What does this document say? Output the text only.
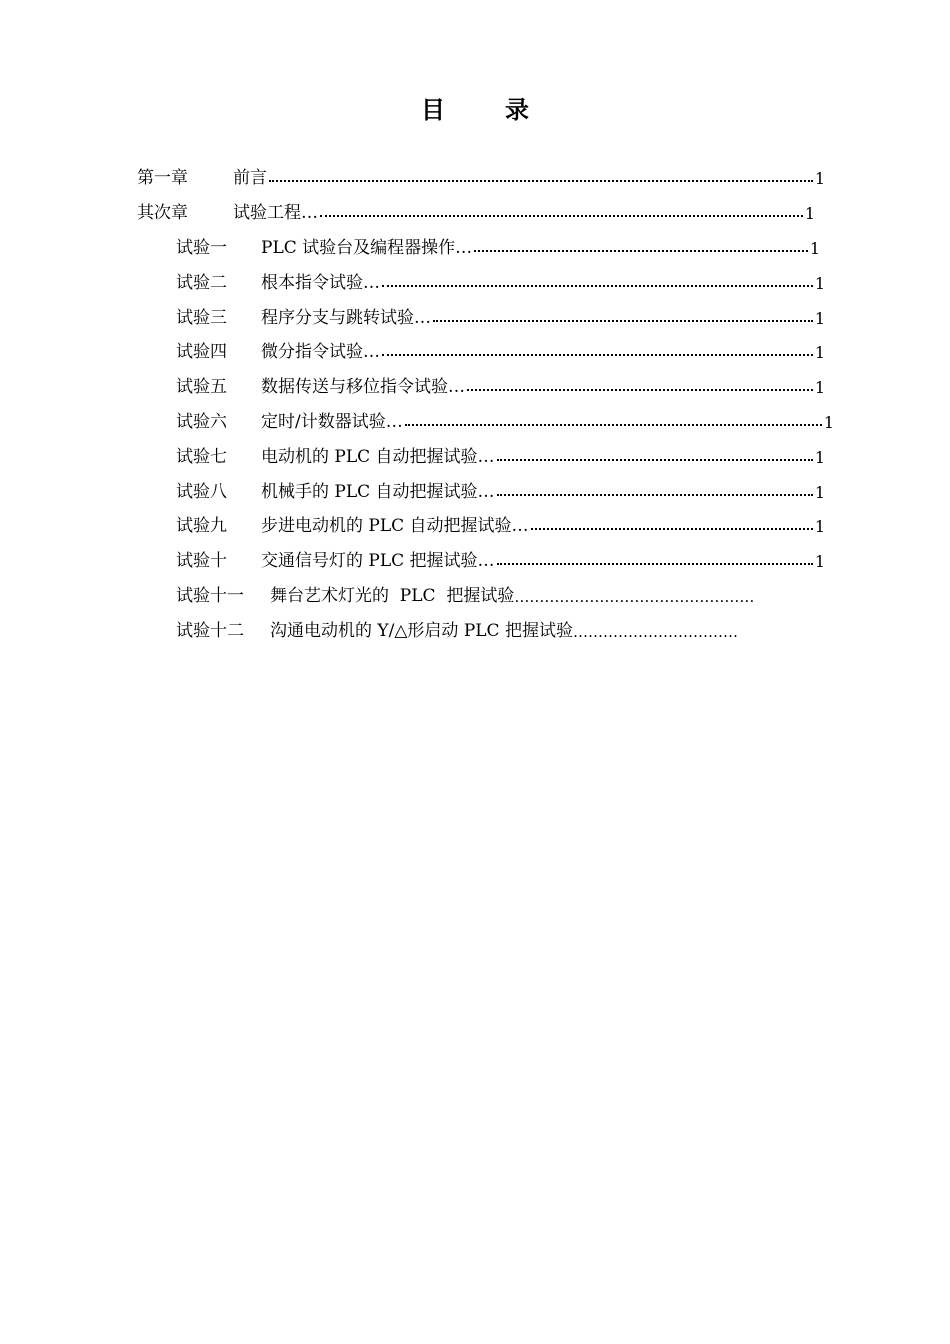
目	录
第一章	前言	1
其次章	试验工程…	1
试验一	PLC 试验台及编程器操作…	1
试验二	根本指令试验…	1
试验三	程序分支与跳转试验…	1
试验四	微分指令试验…	1
试验五	数据传送与移位指令试验…	1
试验六	定时/计数器试验…	1
试验七	电动机的 PLC 自动把握试验…	1
试验八	机械手的 PLC 自动把握试验…	1
试验九	步进电动机的 PLC 自动把握试验…	1
试验十	交通信号灯的 PLC 把握试验…	1
试验十一	舞台艺术灯光的  PLC  把握试验 …………………………………………
试验十二	沟通电动机的 Y/△形启动 PLC 把握试验 ……………………………
